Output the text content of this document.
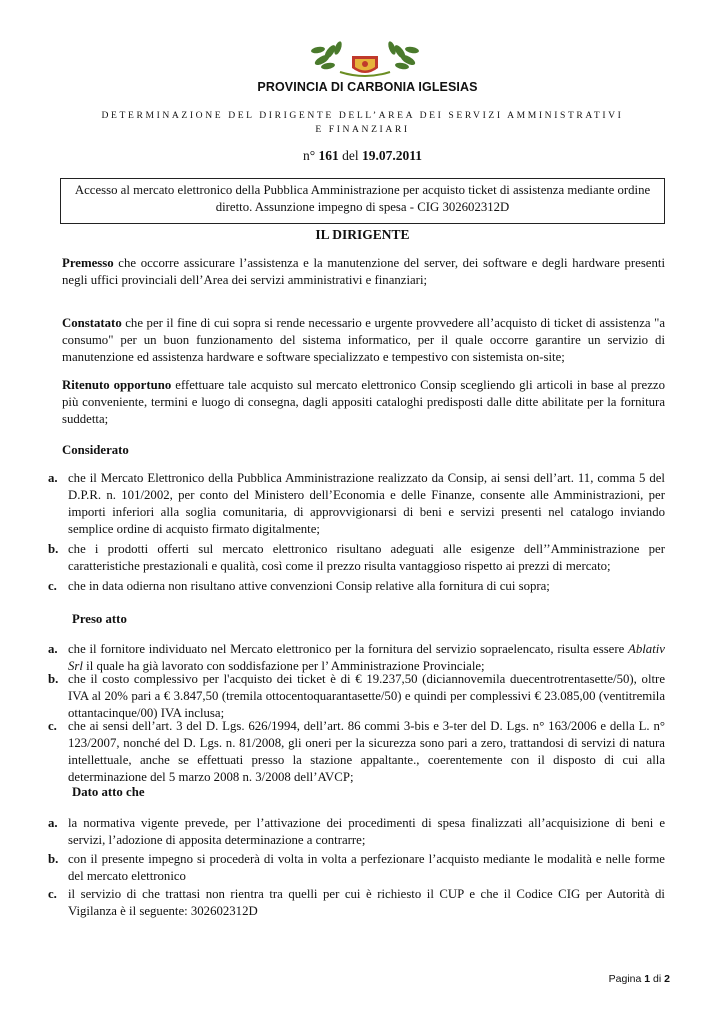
PROVINCIA DI CARBONIA IGLESIAS
DETERMINAZIONE DEL DIRIGENTE DELL’AREA DEI SERVIZI AMMINISTRATIVI
E FINANZIARI
n° 161 del 19.07.2011
Accesso al mercato elettronico della Pubblica Amministrazione per acquisto ticket di assistenza mediante ordine
diretto. Assunzione impegno di spesa - CIG 302602312D
IL DIRIGENTE
Premesso che occorre assicurare l’assistenza e la manutenzione del server, dei software e degli hardware presenti negli uffici provinciali dell’Area dei servizi amministrativi e finanziari;
Constatato che per il fine di cui sopra si rende necessario e urgente provvedere all’acquisto di ticket di assistenza "a consumo" per un buon funzionamento del sistema informatico, per il quale occorre garantire un servizio di manutenzione ed assistenza hardware e software specializzato e tempestivo con sistemista on-site;
Ritenuto opportuno effettuare tale acquisto sul mercato elettronico Consip scegliendo gli articoli in base al prezzo più conveniente, termini e luogo di consegna, dagli appositi cataloghi predisposti dalle ditte abilitate per la fornitura suddetta;
Considerato
a. che il Mercato Elettronico della Pubblica Amministrazione realizzato da Consip, ai sensi dell’art. 11, comma 5 del D.P.R. n. 101/2002, per conto del Ministero dell’Economia e delle Finanze, consente alle Amministrazioni, per importi inferiori alla soglia comunitaria, di approvvigionarsi di beni e servizi presenti nel catalogo inviando semplice ordine di acquisto firmato digitalmente;
b. che i prodotti offerti sul mercato elettronico risultano adeguati alle esigenze dell’’Amministrazione per caratteristiche prestazionali e qualità, così come il prezzo risulta vantaggioso rispetto ai prezzi di mercato;
c. che in data odierna non risultano attive convenzioni Consip relative alla fornitura di cui sopra;
Preso atto
a. che il fornitore individuato nel Mercato elettronico per la fornitura del servizio sopraelencato, risulta essere Ablativ Srl il quale ha già lavorato con soddisfazione per l’ Amministrazione Provinciale;
b. che il costo complessivo per l'acquisto dei ticket è di € 19.237,50 (diciannovemila duecentrotrentasette/50), oltre IVA al 20% pari a € 3.847,50 (tremila ottocentoquarantasette/50) e quindi per complessivi € 23.085,00 (ventitremila ottantacinque/00) IVA inclusa;
c. che ai sensi dell’art. 3 del D. Lgs. 626/1994, dell’art. 86 commi 3-bis e 3-ter del D. Lgs. n° 163/2006 e della L. n° 123/2007, nonché del D. Lgs. n. 81/2008, gli oneri per la sicurezza sono pari a zero, trattandosi di servizi di natura intellettuale, anche se effettuati presso la stazione appaltante., coerentemente con il disposto di cui alla determinazione del 5 marzo 2008 n. 3/2008 dell’AVCP;
Dato atto che
a. la normativa vigente prevede, per l’attivazione dei procedimenti di spesa finalizzati all’acquisizione di beni e servizi, l’adozione di apposita determinazione a contrarre;
b. con il presente impegno si procederà di volta in volta a perfezionare l’acquisto mediante le modalità e nelle forme del mercato elettronico
c. il servizio di che trattasi non rientra tra quelli per cui è richiesto il CUP e che il Codice CIG per Autorità di Vigilanza è il seguente: 302602312D
Pagina 1 di 2
